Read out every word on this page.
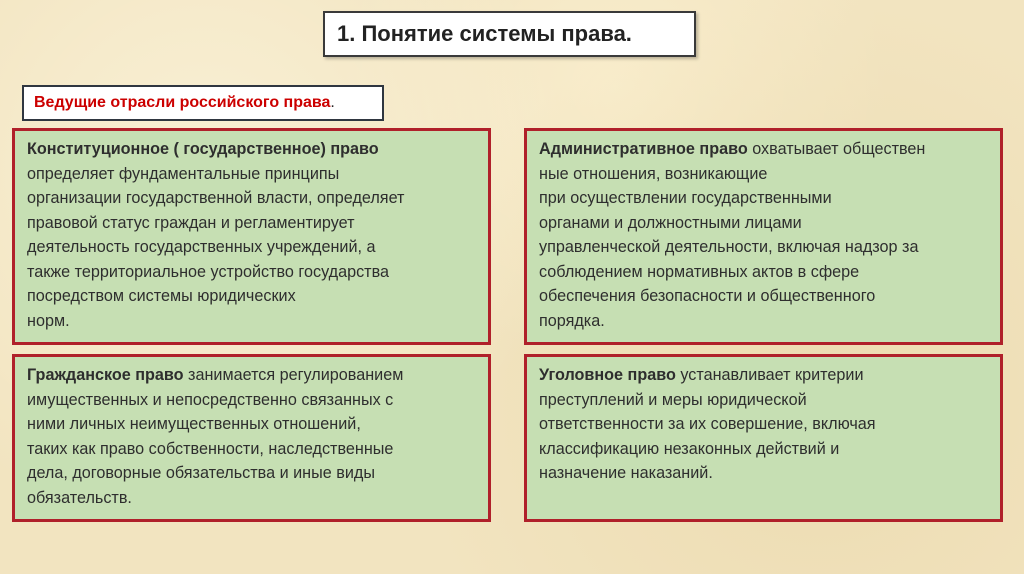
1. Понятие системы права.
Ведущие отрасли российского права .
Конституционное ( государственное) право
определяет фундаментальные принципы
организации государственной власти, определяет
правовой статус граждан и регламентирует
деятельность государственных учреждений, а
также территориальное устройство государства
посредством системы юридических
норм.
Административное право охватывает обществен
ные отношения, возникающие
при осуществлении государственными
органами и должностными лицами
управленческой деятельности, включая надзор за
соблюдением нормативных актов в сфере
обеспечения безопасности и общественного
порядка.
Гражданское право занимается регулированием
имущественных и непосредственно связанных с
ними личных неимущественных отношений,
таких как право собственности, наследственные
дела, договорные обязательства и иные виды
обязательств.
Уголовное право устанавливает критерии
преступлений и меры юридической
ответственности за их совершение, включая
классификацию незаконных действий и
назначение наказаний.
